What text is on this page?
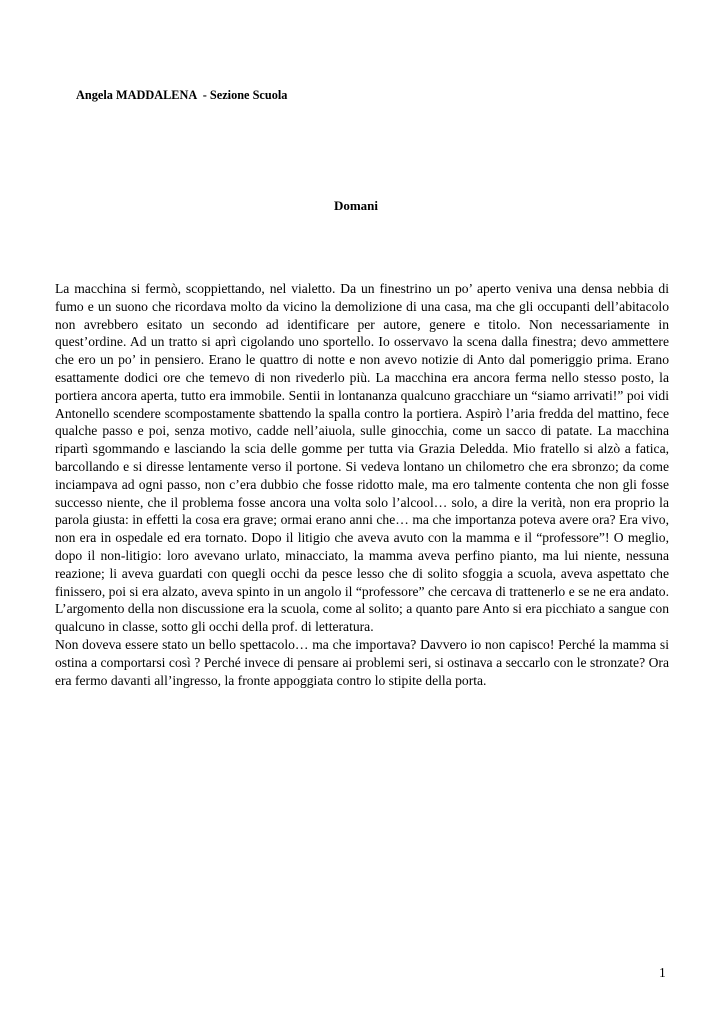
Angela MADDALENA  - Sezione Scuola
Domani

La macchina si fermò, scoppiettando, nel vialetto. Da un finestrino un po’ aperto veniva una densa nebbia di fumo e un suono che ricordava molto da vicino la demolizione di una casa, ma che gli occupanti dell’abitacolo non avrebbero esitato un secondo ad identificare per autore, genere e titolo. Non necessariamente in quest’ordine. Ad un tratto si aprì cigolando uno sportello. Io osservavo la scena dalla finestra; devo ammettere che ero un po’ in pensiero. Erano le quattro di notte e non avevo notizie di Anto dal pomeriggio prima. Erano esattamente dodici ore che temevo di non rivederlo più. La macchina era ancora ferma nello stesso posto, la portiera ancora aperta, tutto era immobile. Sentii in lontananza qualcuno gracchiare un “siamo arrivati!” poi vidi Antonello scendere scompostamente sbattendo la spalla contro la portiera. Aspirò l’aria fredda del mattino, fece qualche passo e poi, senza motivo, cadde nell’aiuola, sulle ginocchia, come un sacco di patate. La macchina ripartì sgommando e lasciando la scia delle gomme per tutta via Grazia Deledda. Mio fratello si alzò a fatica, barcollando e si diresse lentamente verso il portone. Si vedeva lontano un chilometro che era sbronzo; da come inciampava ad ogni passo, non c’era dubbio che fosse ridotto male, ma ero talmente contenta che non gli fosse successo niente, che il problema fosse ancora una volta solo l’alcool… solo, a dire la verità, non era proprio la parola giusta: in effetti la cosa era grave; ormai erano anni che… ma che importanza poteva avere ora? Era vivo, non era in ospedale ed era tornato. Dopo il litigio che aveva avuto con la mamma e il “professore”! O meglio, dopo il non-litigio: loro avevano urlato, minacciato, la mamma aveva perfino pianto, ma lui niente, nessuna reazione; li aveva guardati con quegli occhi da pesce lesso che di solito sfoggia a scuola, aveva aspettato che finissero, poi si era alzato, aveva spinto in un angolo il “professore” che cercava di trattenerlo e se ne era andato. L’argomento della non discussione era la scuola, come al solito; a quanto pare Anto si era picchiato a sangue con qualcuno in classe, sotto gli occhi della prof. di letteratura.

Non doveva essere stato un bello spettacolo… ma che importava? Davvero io non capisco! Perché la mamma si ostina a comportarsi così ? Perché invece di pensare ai problemi seri, si ostinava a seccarlo con le stronzate? Ora era fermo davanti all’ingresso, la fronte appoggiata contro lo stipite della porta.

1
